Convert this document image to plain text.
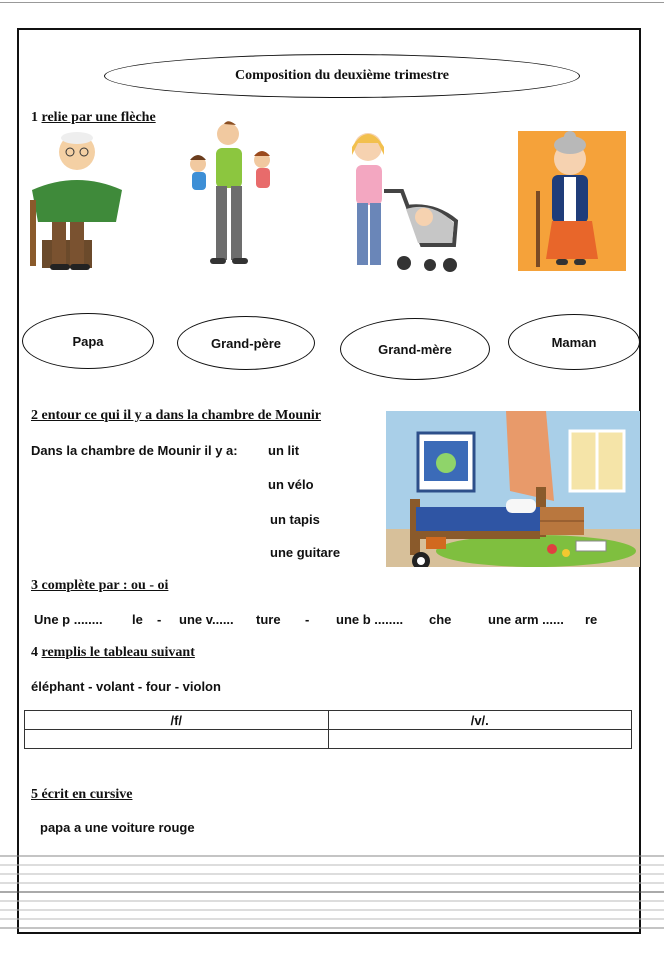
Composition du deuxième trimestre
1 relie par une flèche
Papa	Grand-père	Grand-mère	Maman
2 entour ce qui il y a dans la chambre de Mounir
Dans la chambre de Mounir il y a: un lit
un vélo
un tapis
une guitare
3 complète par : ou - oi
Une p ........ le - une v...... ture - une b ........ che	une arm ...... re
4 remplis le tableau suivant
éléphant - volant - four - violon
/f/	/v/.

5 écrit en cursive
papa a une voiture rouge
